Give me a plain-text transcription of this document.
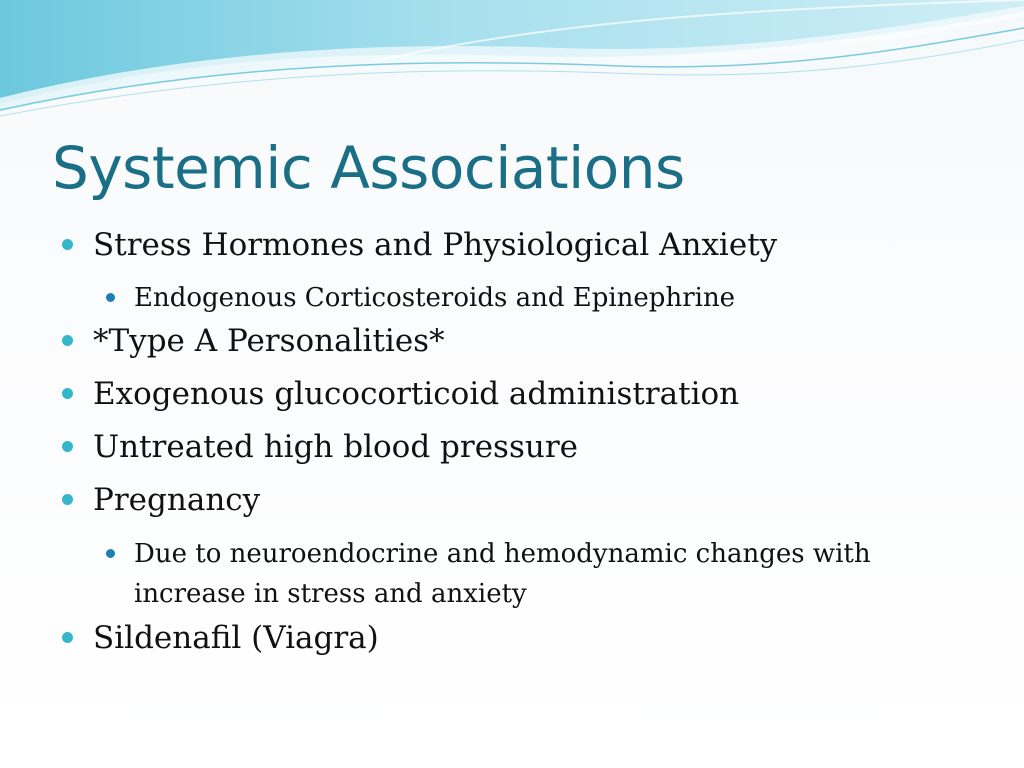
Systemic Associations
Stress Hormones and Physiological Anxiety
Endogenous Corticosteroids and Epinephrine
*Type A Personalities*
Exogenous glucocorticoid administration
Untreated high blood pressure
Pregnancy
Due to neuroendocrine and hemodynamic changes with increase in stress and anxiety
Sildenafil (Viagra)
